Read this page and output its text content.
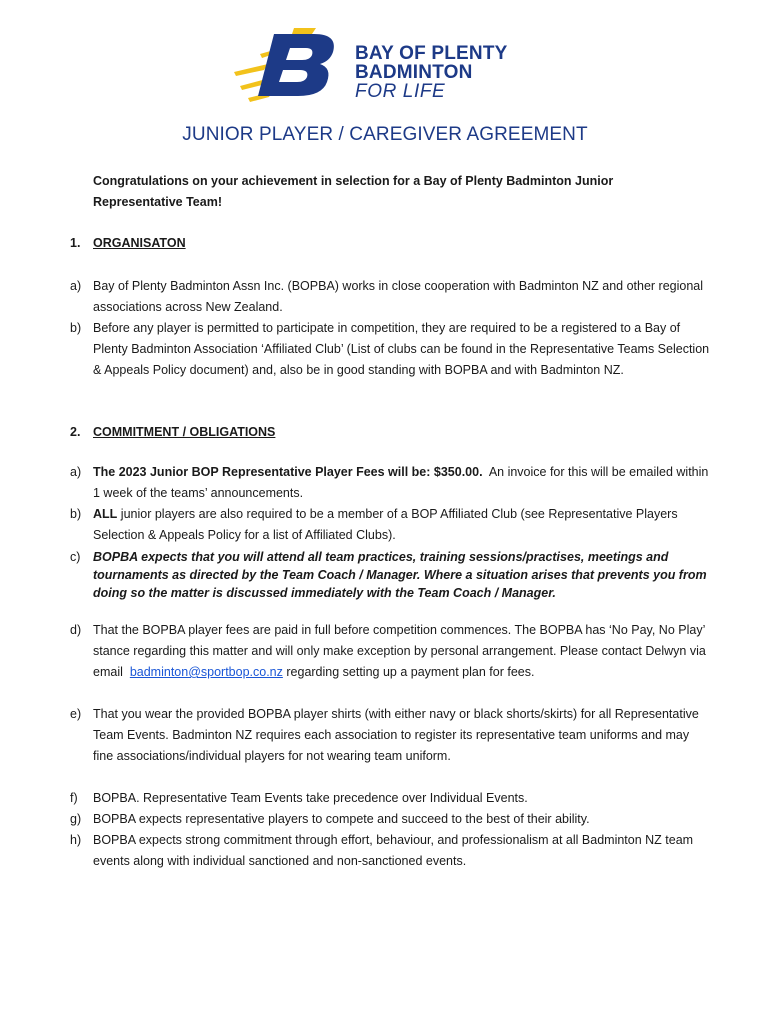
BAY OF PLENTY
BADMINTON
FOR LIFE
JUNIOR PLAYER / CAREGIVER AGREEMENT
Congratulations on your achievement in selection for a Bay of Plenty Badminton Junior Representative Team!
1. ORGANISATON
a) Bay of Plenty Badminton Assn Inc. (BOPBA) works in close cooperation with Badminton NZ and other regional associations across New Zealand.
b) Before any player is permitted to participate in competition, they are required to be a registered to a Bay of Plenty Badminton Association ‘Affiliated Club’ (List of clubs can be found in the Representative Teams Selection & Appeals Policy document) and, also be in good standing with BOPBA and with Badminton NZ.
2. COMMITMENT / OBLIGATIONS
a) The 2023 Junior BOP Representative Player Fees will be: $350.00. An invoice for this will be emailed within 1 week of the teams’ announcements.
b) ALL junior players are also required to be a member of a BOP Affiliated Club (see Representative Players Selection & Appeals Policy for a list of Affiliated Clubs).
c)	BOPBA expects that you will attend all team practices, training sessions/practises, meetings and tournaments as directed by the Team Coach / Manager. Where a situation arises that prevents you from doing so the matter is discussed immediately with the Team Coach / Manager.
d) That the BOPBA player fees are paid in full before competition commences. The BOPBA has ‘No Pay, No Play’ stance regarding this matter and will only make exception by personal arrangement. Please contact Delwyn via email badminton@sportbop.co.nz regarding setting up a payment plan for fees.
e) That you wear the provided BOPBA player shirts (with either navy or black shorts/skirts) for all Representative Team Events. Badminton NZ requires each association to register its representative team uniforms and may fine associations/individual players for not wearing team uniform.
f)	BOPBA. Representative Team Events take precedence over Individual Events.
g) BOPBA expects representative players to compete and succeed to the best of their ability.
h) BOPBA expects strong commitment through effort, behaviour, and professionalism at all Badminton NZ team events along with individual sanctioned and non-sanctioned events.
